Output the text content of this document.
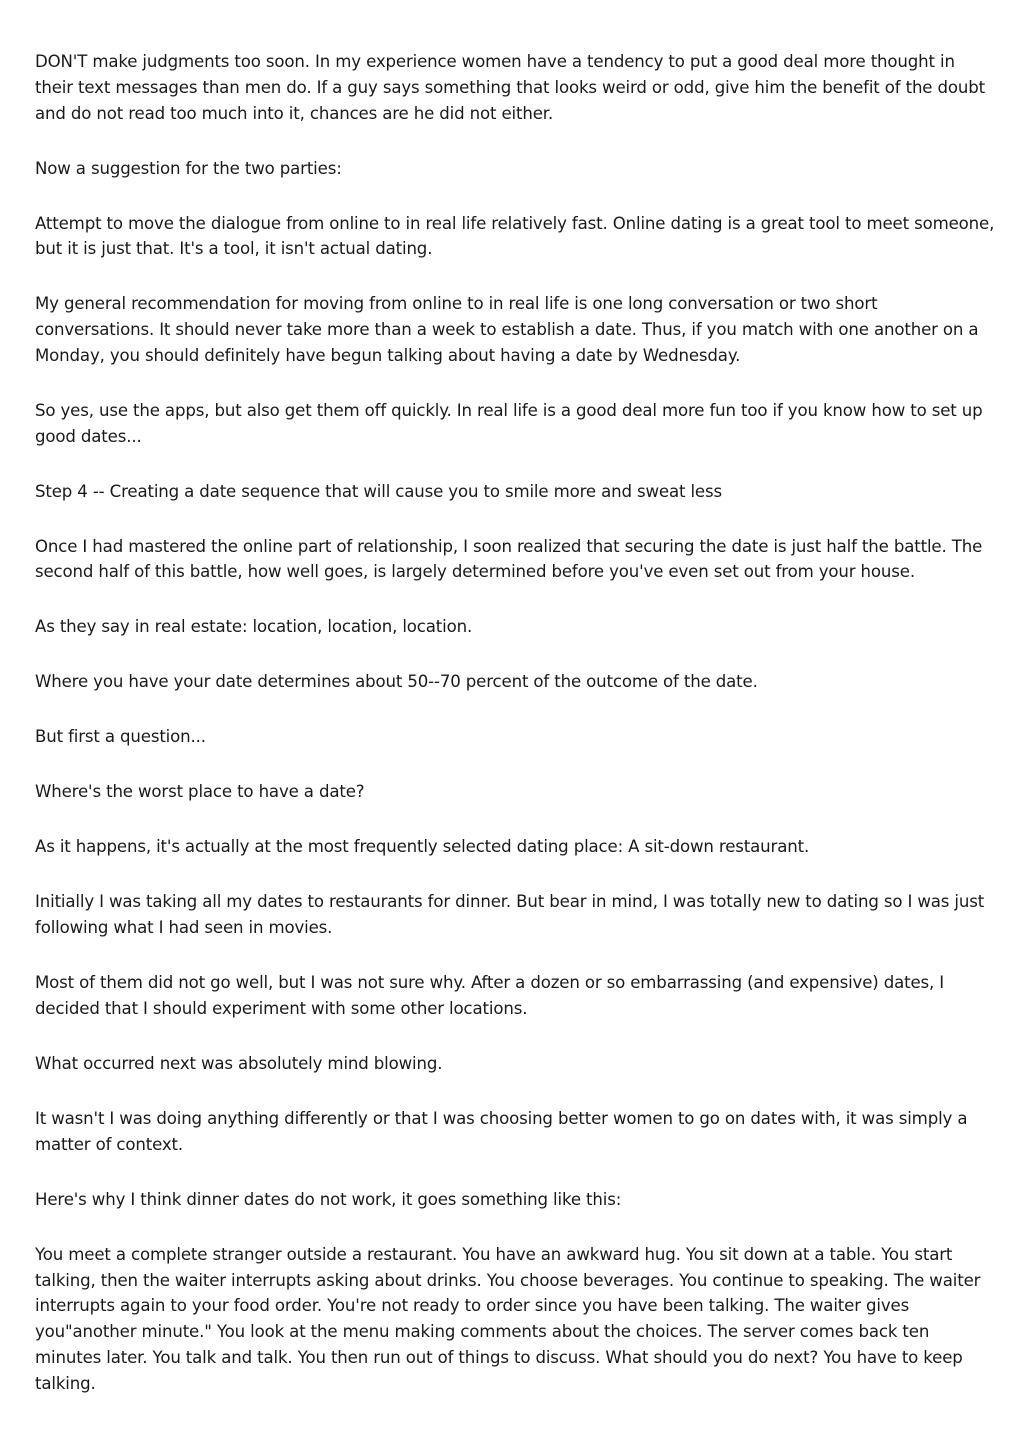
DON'T make judgments too soon. In my experience women have a tendency to put a good deal more thought in their text messages than men do. If a guy says something that looks weird or odd, give him the benefit of the doubt and do not read too much into it, chances are he did not either.

Now a suggestion for the two parties:

Attempt to move the dialogue from online to in real life relatively fast. Online dating is a great tool to meet someone, but it is just that. It's a tool, it isn't actual dating.

My general recommendation for moving from online to in real life is one long conversation or two short conversations. It should never take more than a week to establish a date. Thus, if you match with one another on a Monday, you should definitely have begun talking about having a date by Wednesday.

So yes, use the apps, but also get them off quickly. In real life is a good deal more fun too if you know how to set up good dates...

Step 4 -- Creating a date sequence that will cause you to smile more and sweat less

Once I had mastered the online part of relationship, I soon realized that securing the date is just half the battle. The second half of this battle, how well goes, is largely determined before you've even set out from your house.

As they say in real estate: location, location, location.

Where you have your date determines about 50--70 percent of the outcome of the date.

But first a question...

Where's the worst place to have a date?

As it happens, it's actually at the most frequently selected dating place: A sit-down restaurant.

Initially I was taking all my dates to restaurants for dinner. But bear in mind, I was totally new to dating so I was just following what I had seen in movies.

Most of them did not go well, but I was not sure why. After a dozen or so embarrassing (and expensive) dates, I decided that I should experiment with some other locations.

What occurred next was absolutely mind blowing.

It wasn't I was doing anything differently or that I was choosing better women to go on dates with, it was simply a matter of context.

Here's why I think dinner dates do not work, it goes something like this:

You meet a complete stranger outside a restaurant. You have an awkward hug. You sit down at a table. You start talking, then the waiter interrupts asking about drinks. You choose beverages. You continue to speaking. The waiter interrupts again to your food order. You're not ready to order since you have been talking. The waiter gives you"another minute." You look at the menu making comments about the choices. The server comes back ten minutes later. You talk and talk. You then run out of things to discuss. What should you do next? You have to keep talking.
